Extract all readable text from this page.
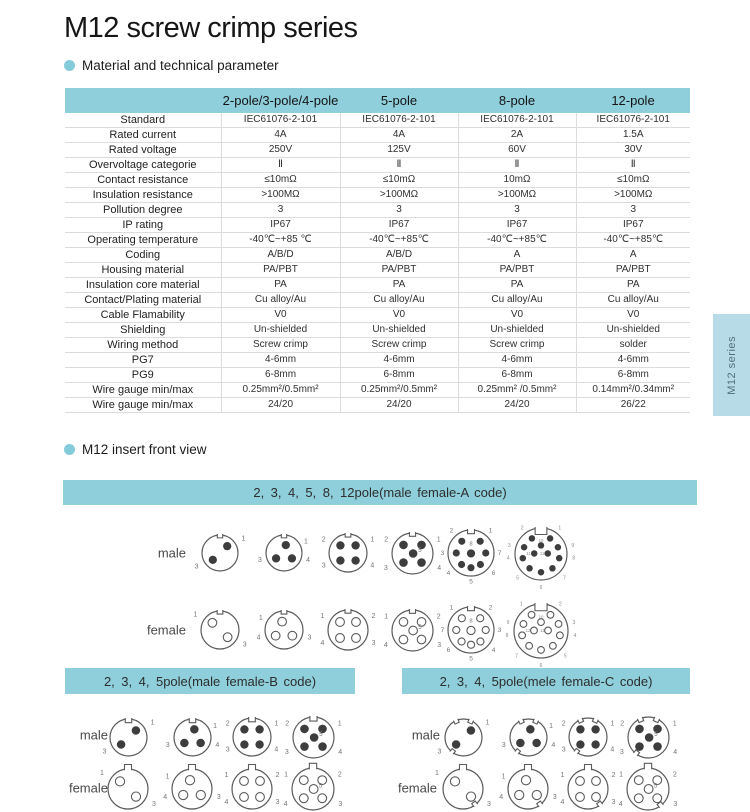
M12 screw crimp series
Material and technical parameter
	2-pole/3-pole/4-pole	5-pole	8-pole	12-pole
Standard	IEC61076-2-101	IEC61076-2-101	IEC61076-2-101	IEC61076-2-101
Rated current	4A	4A	2A	1.5A
Rated voltage	250V	125V	60V	30V
Overvoltage categorie	Ⅱ	Ⅱ	Ⅱ	Ⅱ
Contact resistance	≤10mΩ	≤10mΩ	10mΩ	≤10mΩ
Insulation resistance	>100MΩ	>100MΩ	>100MΩ	>100MΩ
Pollution degree	3	3	3	3
IP rating	IP67	IP67	IP67	IP67
Operating temperature	-40℃~+85 ℃	-40℃~+85℃	-40℃~+85℃	-40℃~+85℃
Coding	A/B/D	A/B/D	A	A
Housing material	PA/PBT	PA/PBT	PA/PBT	PA/PBT
Insulation core material	PA	PA	PA	PA
Contact/Plating material	Cu alloy/Au	Cu alloy/Au	Cu alloy/Au	Cu alloy/Au
Cable Flamability	V0	V0	V0	V0
Shielding	Un-shielded	Un-shielded	Un-shielded	Un-shielded
Wiring method	Screw crimp	Screw crimp	Screw crimp	solder
PG7	4-6mm	4-6mm	4-6mm	4-6mm
PG9	6-8mm	6-8mm	6-8mm	6-8mm
Wire gauge min/max	0.25mm²/0.5mm²	0.25mm²/0.5mm²	0.25mm² /0.5mm²	0.14mm²/0.34mm²
Wire gauge min/max	24/20	24/20	24/20	26/22
M12 series
M12 insert front view
2, 3, 4, 5, 8, 12pole(male female-A code)
2, 3, 4, 5pole(male female-B code)	2, 3, 4, 5pole(mele female-C code)
male
1
3
1
3	4
2	1
3	4
2	1
5
3	4
2	1
3	7
4	6
5
8
2	1
3	9
4	8
5	7
6
10
11 12
female
1
3
1
4	3
1	2
4	3
1	2
5
4	3
1	2
7	3
6	4
5
8
1	2
9	3
8	4
7	5
6
10
12 11
male
1
3
1
3	4
2	1
3	4
2	1
5
3	4
female
1
3
1
4	3
1	2
4	3
1	2
5
4	3
male
1
3
1
3	4
2	1
3	4
2	1
5
3	4
female
1
3
1
4	3
1	2
4	3
1	2
5
4	3
